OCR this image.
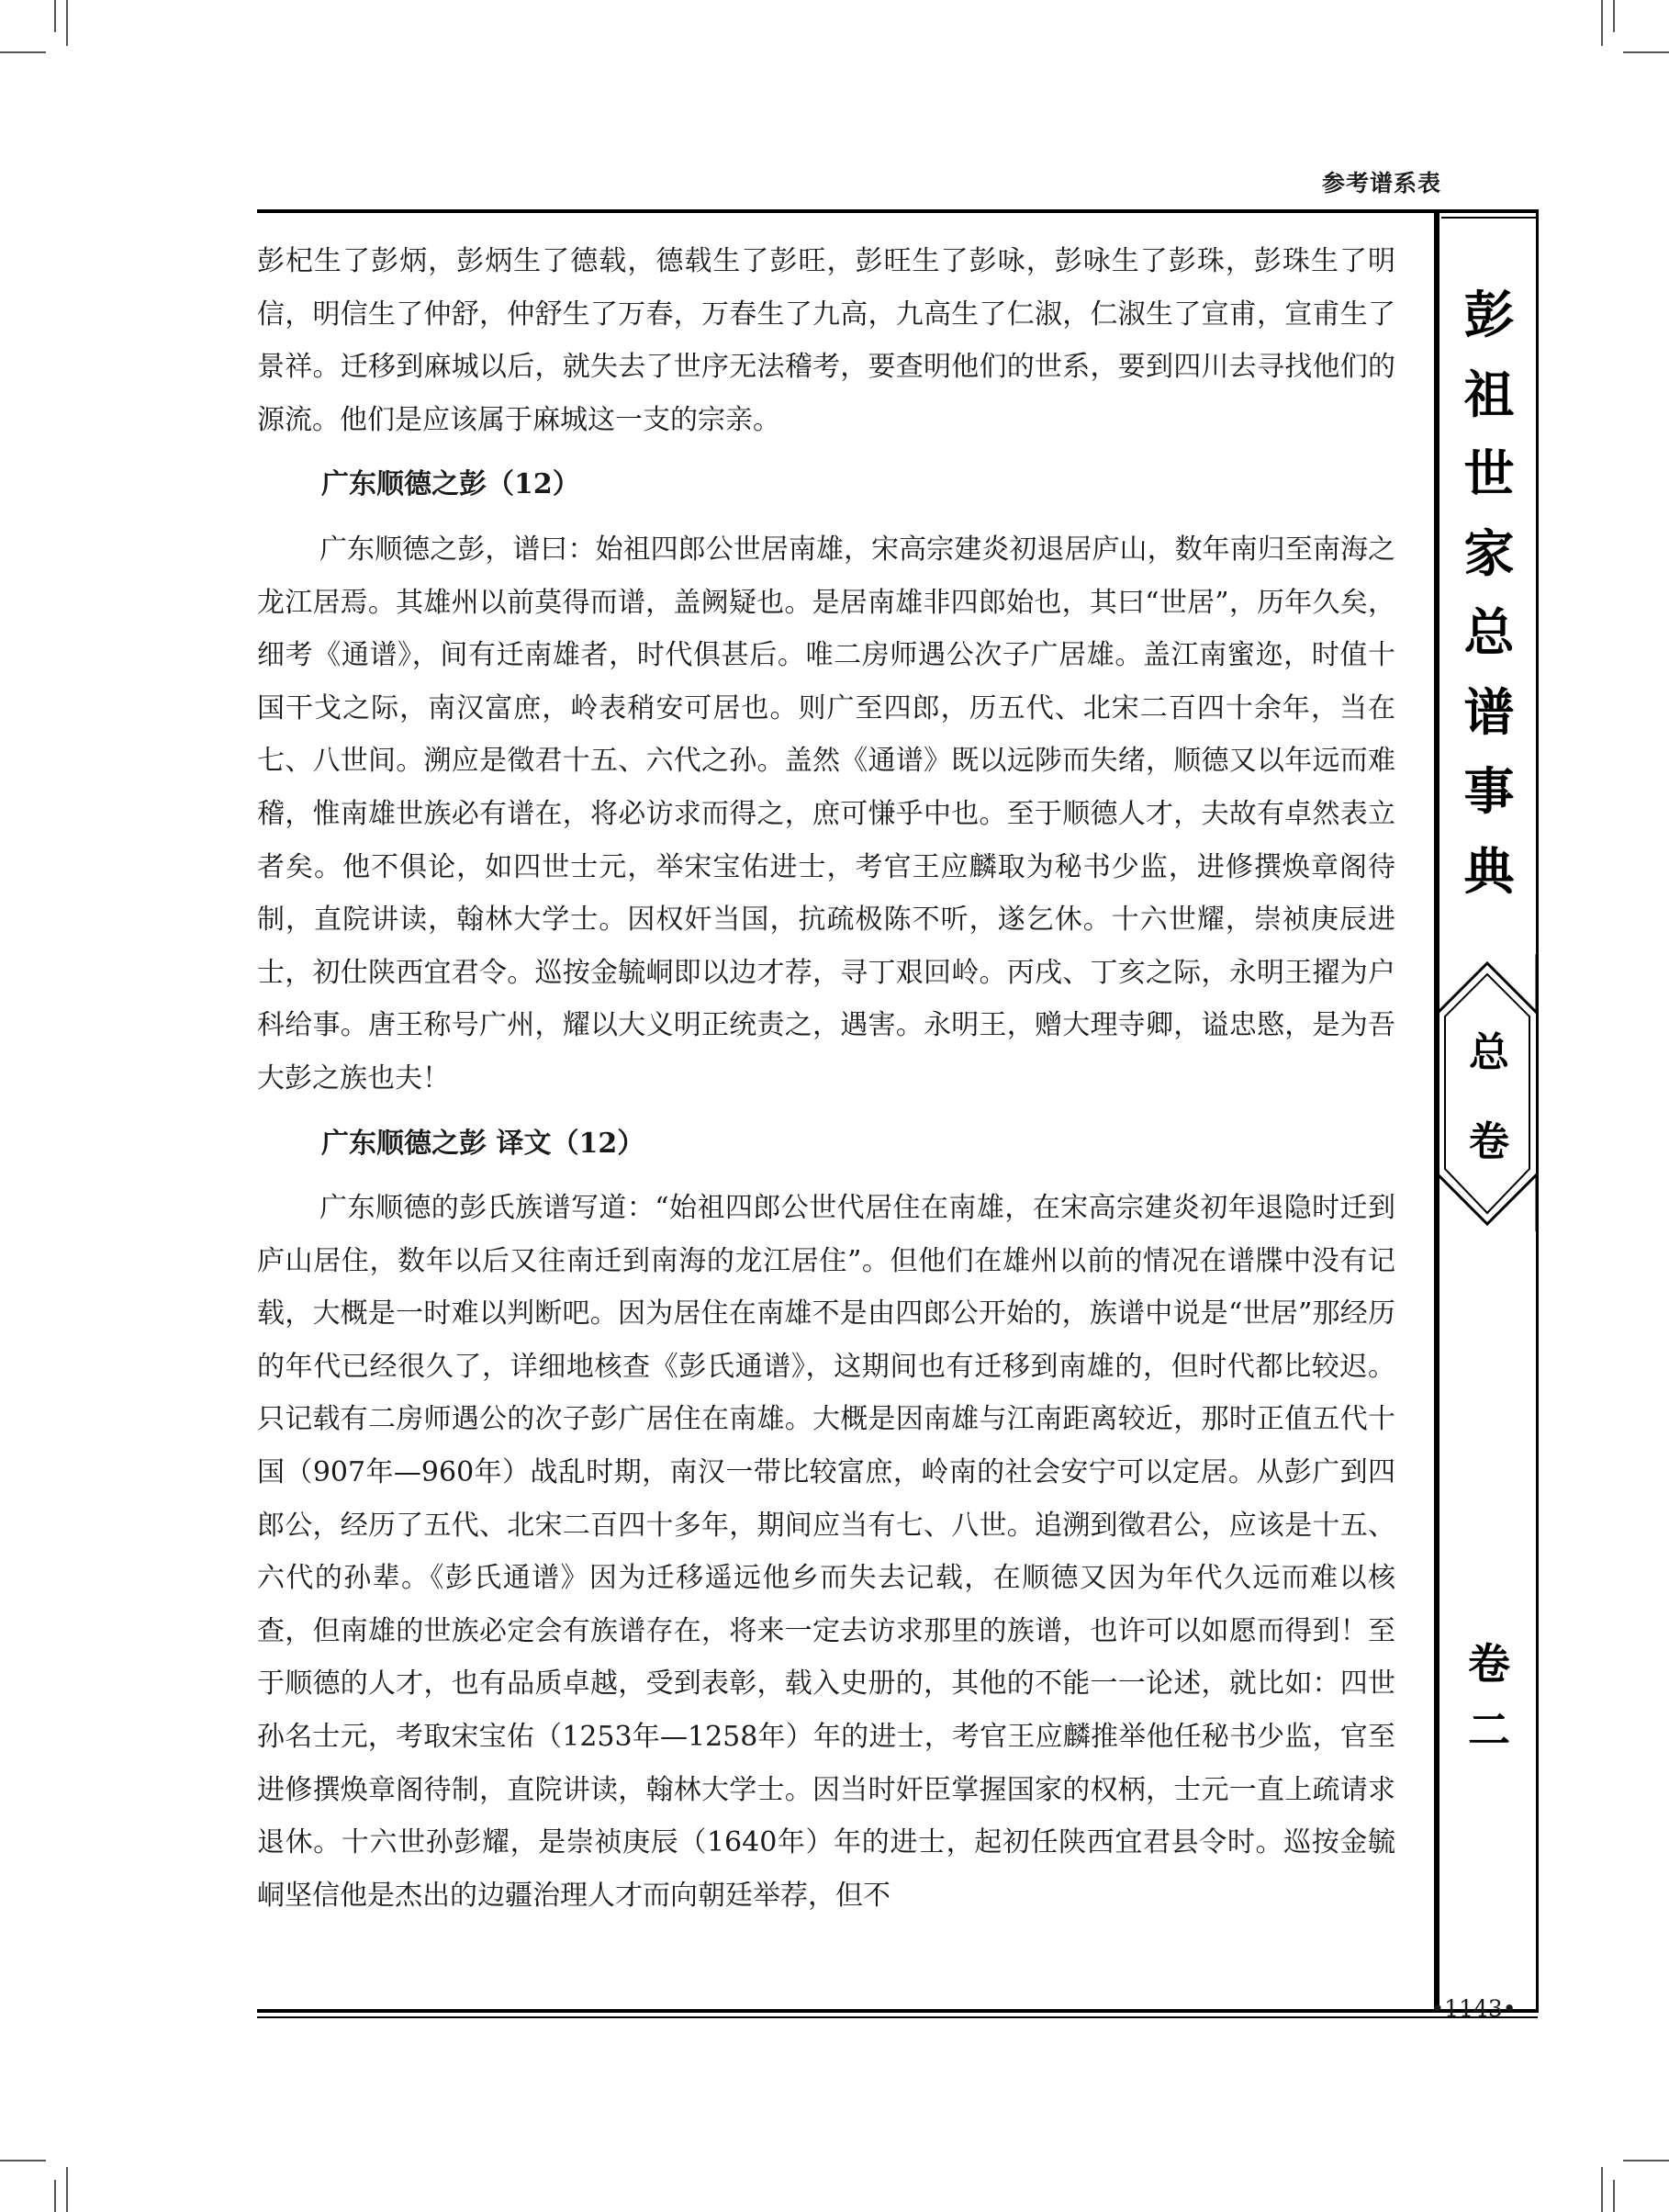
参考谱系表
彭
祖
世
家
总
谱
事
典
总
卷
卷
二

彭杞生了彭炳，彭炳生了德载，德载生了彭旺，彭旺生了彭咏，彭咏生了彭珠，彭珠生了明信，明信生了仲舒，仲舒生了万春，万春生了九高，九高生了仁淑，仁淑生了宣甫，宣甫生了景祥。迁移到麻城以后，就失去了世序无法稽考，要查明他们的世系，要到四川去寻找他们的源流。他们是应该属于麻城这一支的宗亲。

广东顺德之彭（12）

广东顺德之彭，谱曰：始祖四郎公世居南雄，宋高宗建炎初退居庐山，数年南归至南海之龙江居焉。其雄州以前莫得而谱，盖阙疑也。是居南雄非四郎始也，其曰“世居”，历年久矣，细考《通谱》，间有迁南雄者，时代俱甚后。唯二房师遇公次子广居雄。盖江南蜜迩，时值十国干戈之际，南汉富庶，岭表稍安可居也。则广至四郎，历五代、北宋二百四十余年，当在七、八世间。溯应是徵君十五、六代之孙。盖然《通谱》既以远陟而失绪，顺德又以年远而难稽，惟南雄世族必有谱在，将必访求而得之，庶可慊乎中也。至于顺德人才，夫故有卓然表立者矣。他不俱论，如四世士元，举宋宝佑进士，考官王应麟取为秘书少监，进修撰焕章阁待制，直院讲读，翰林大学士。因权奸当国，抗疏极陈不听，遂乞休。十六世耀，崇祯庚辰进士，初仕陕西宜君令。巡按金毓峒即以边才荐，寻丁艰回岭。丙戌、丁亥之际，永明王擢为户科给事。唐王称号广州，耀以大义明正统责之，遇害。永明王，赠大理寺卿，谥忠愍，是为吾大彭之族也夫！

广东顺德之彭 译文（12）

广东顺德的彭氏族谱写道：“始祖四郎公世代居住在南雄，在宋高宗建炎初年退隐时迁到庐山居住，数年以后又往南迁到南海的龙江居住”。但他们在雄州以前的情况在谱牒中没有记载，大概是一时难以判断吧。因为居住在南雄不是由四郎公开始的，族谱中说是“世居”那经历的年代已经很久了，详细地核查《彭氏通谱》，这期间也有迁移到南雄的，但时代都比较迟。只记载有二房师遇公的次子彭广居住在南雄。大概是因南雄与江南距离较近，那时正值五代十国（907年—960年）战乱时期，南汉一带比较富庶，岭南的社会安宁可以定居。从彭广到四郎公，经历了五代、北宋二百四十多年，期间应当有七、八世。追溯到徵君公，应该是十五、六代的孙辈。《彭氏通谱》因为迁移遥远他乡而失去记载，在顺德又因为年代久远而难以核查，但南雄的世族必定会有族谱存在，将来一定去访求那里的族谱，也许可以如愿而得到！至于顺德的人才，也有品质卓越，受到表彰，载入史册的，其他的不能一一论述，就比如：四世孙名士元，考取宋宝佑（1253年—1258年）年的进士，考官王应麟推举他任秘书少监，官至进修撰焕章阁待制，直院讲读，翰林大学士。因当时奸臣掌握国家的权柄，士元一直上疏请求退休。十六世孙彭耀，是崇祯庚辰（1640年）年的进士，起初任陕西宜君县令时。巡按金毓峒坚信他是杰出的边疆治理人才而向朝廷举荐，但不

•1143•
